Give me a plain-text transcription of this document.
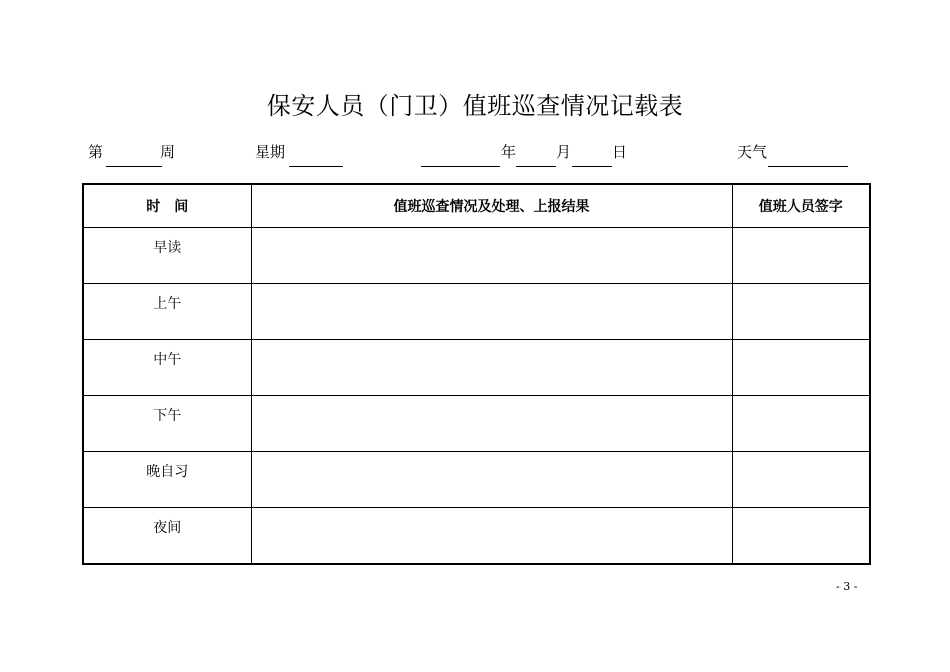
保安人员（门卫）值班巡查情况记载表
第	周	星期	年	月	日	天气
时　间	值班巡查情况及处理、上报结果	值班人员签字
早读		
上午		
中午		
下午		
晚自习		
夜间		
- 3 -
